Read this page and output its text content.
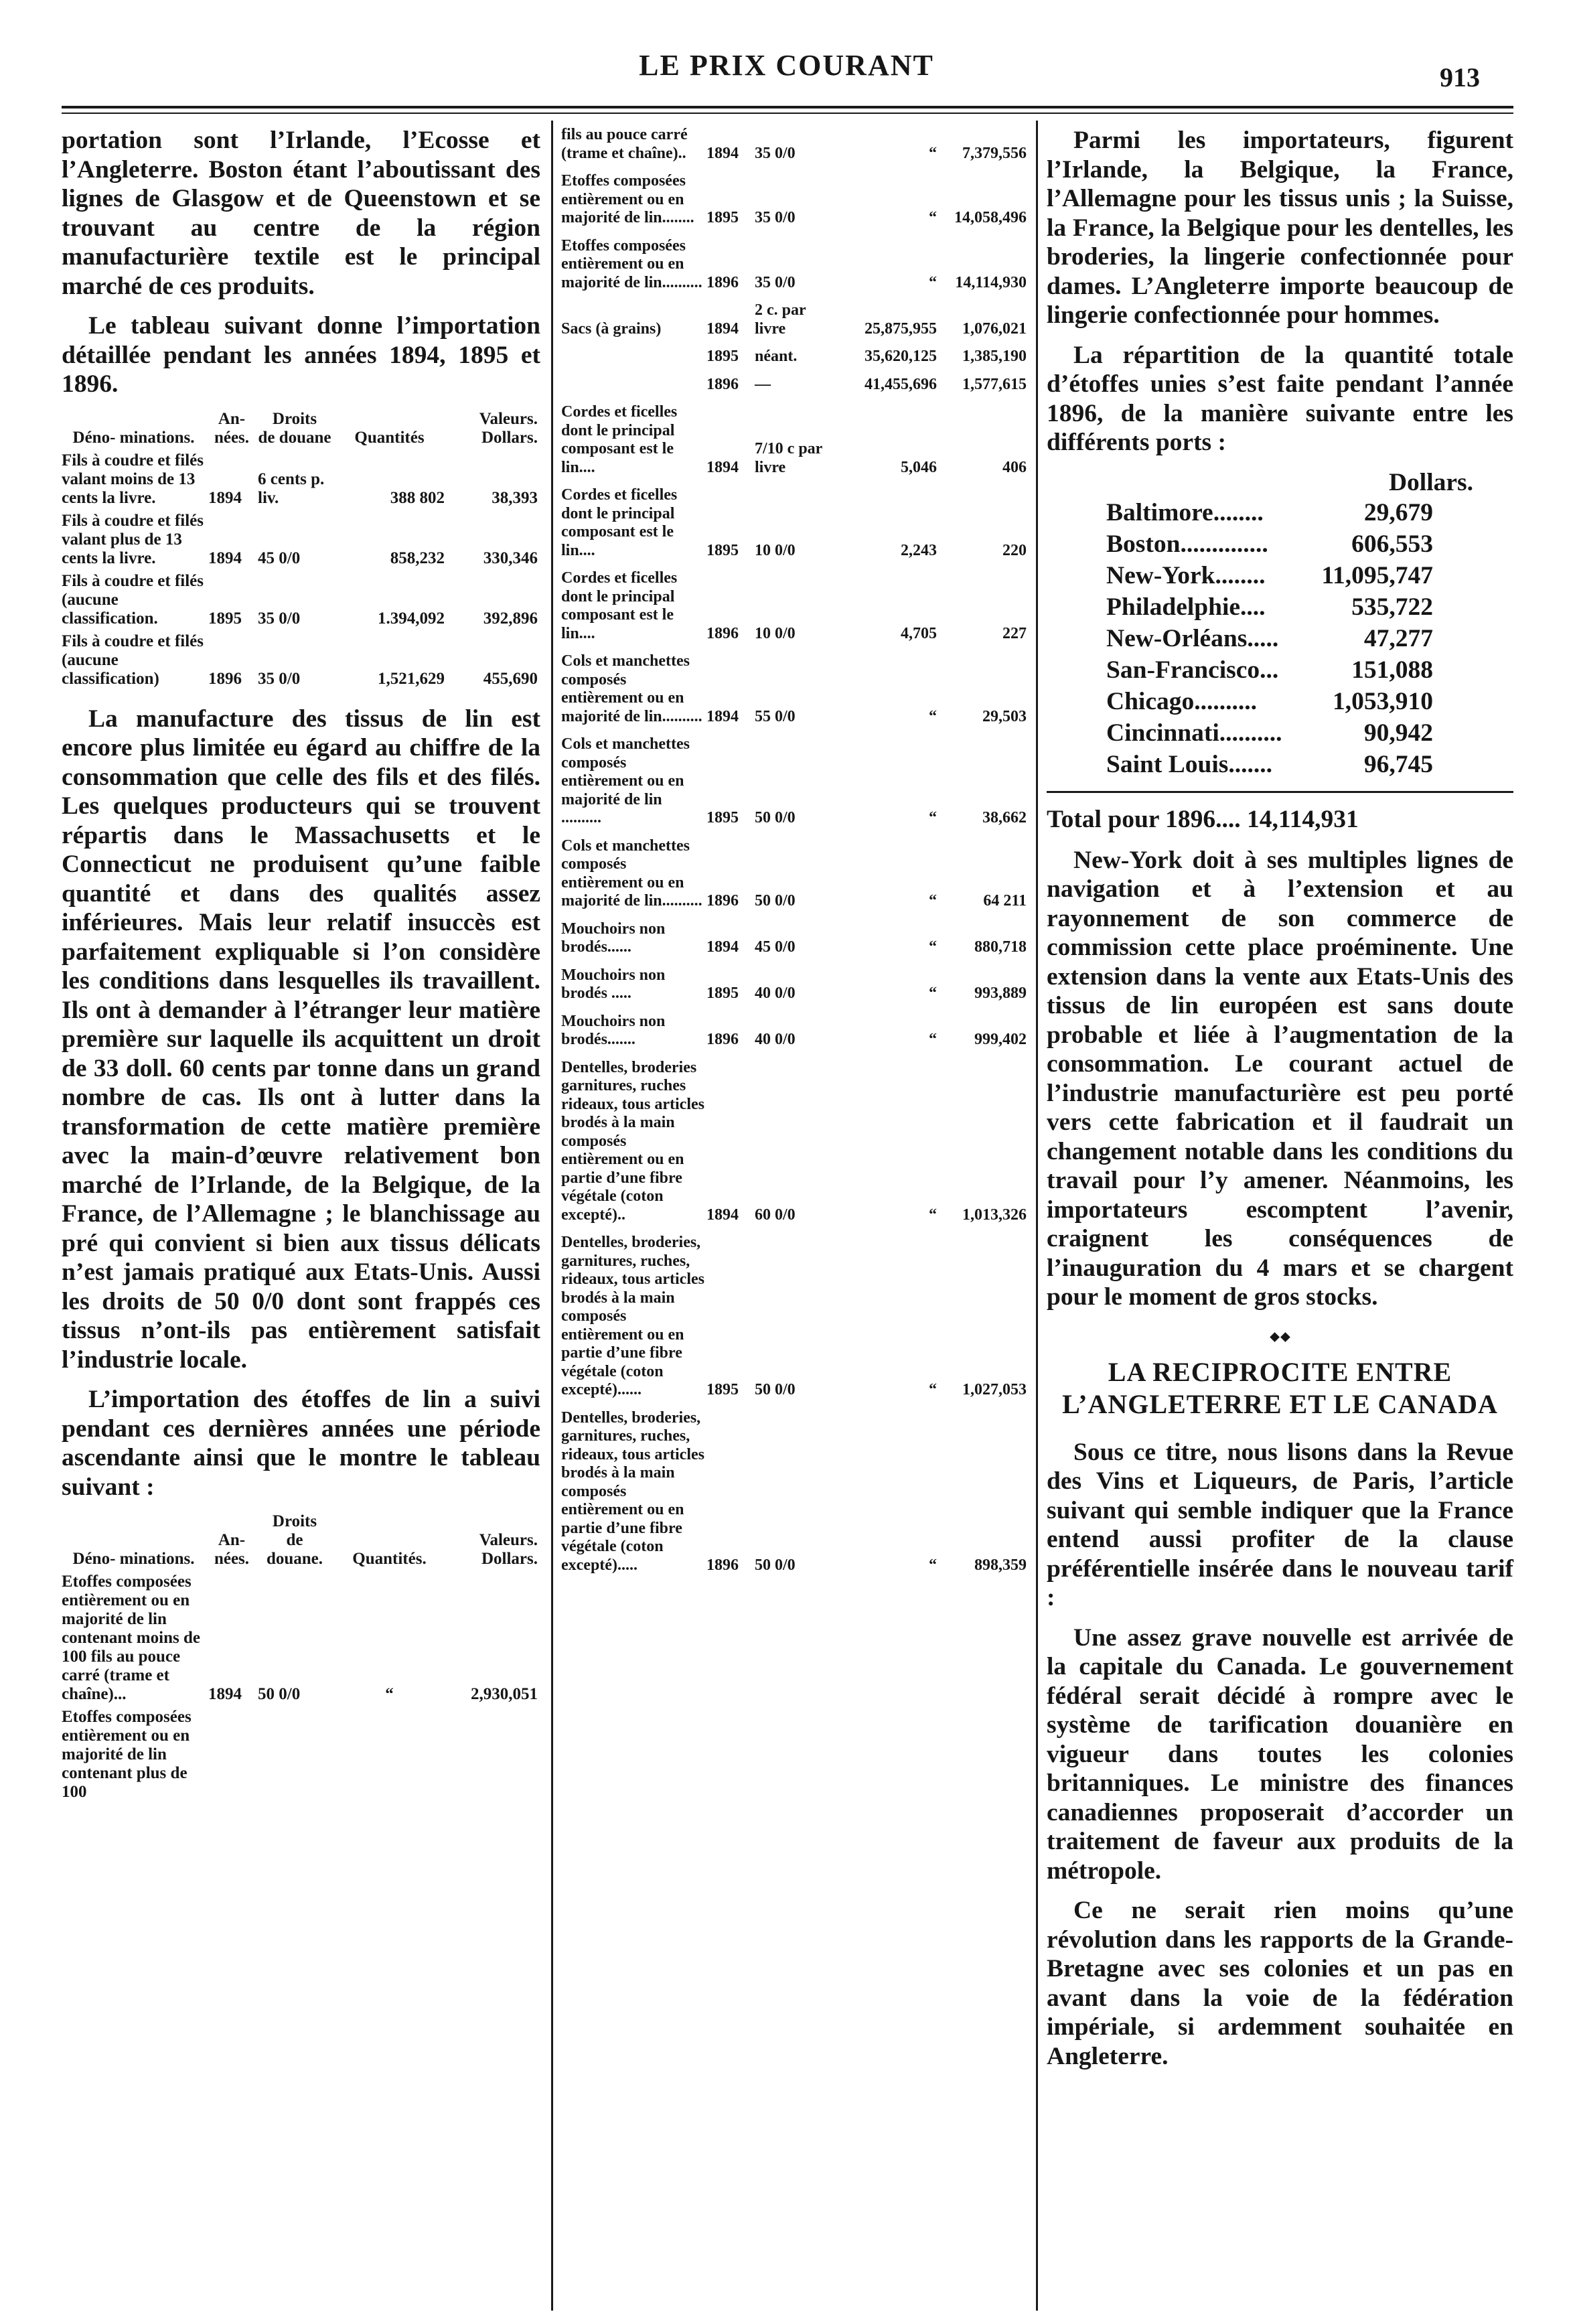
LE PRIX COURANT	913

portation sont l’Irlande, l’Ecosse et l’Angleterre. Boston étant l’aboutissant des lignes de Glasgow et de Queenstown et se trouvant au centre de la région manufacturière textile est le principal marché de ces produits.

Le tableau suivant donne l’importation détaillée pendant les années 1894, 1895 et 1896.

Déno- minations.	An- nées.	Droits
de douane	Quantités	Valeurs. Dollars.
Fils à coudre et filés valant moins de 13 cents la livre.	1894	6 cents p. liv.	388 802	38,393
Fils à coudre et filés valant plus de 13 cents la livre.	1894	45 0/0	858,232	330,346
Fils à coudre et filés (aucune classification.	1895	35 0/0	1.394,092	392,896
Fils à coudre et filés (aucune classification)	1896	35 0/0	1,521,629	455,690

La manufacture des tissus de lin est encore plus limitée eu égard au chiffre de la consommation que celle des fils et des filés. Les quelques producteurs qui se trouvent répartis dans le Massachusetts et le Connecticut ne produisent qu’une faible quantité et dans des qualités assez inférieures. Mais leur relatif insuccès est parfaitement expliquable si l’on considère les conditions dans lesquelles ils travaillent. Ils ont à demander à l’étranger leur matière première sur laquelle ils acquittent un droit de 33 doll. 60 cents par tonne dans un grand nombre de cas. Ils ont à lutter dans la transformation de cette matière première avec la main-d’œuvre relativement bon marché de l’Irlande, de la Belgique, de la France, de l’Allemagne ; le blanchissage au pré qui convient si bien aux tissus délicats n’est jamais pratiqué aux Etats-Unis. Aussi les droits de 50 0/0 dont sont frappés ces tissus n’ont-ils pas entièrement satisfait l’industrie locale.

L’importation des étoffes de lin a suivi pendant ces dernières années une période ascendante ainsi que le montre le tableau suivant :

Déno- minations.	An- nées.	Droits
de douane.	Quantités.	Valeurs. Dollars.
Etoffes composées entièrement ou en majorité de lin contenant moins de 100 fils au pouce carré (trame et chaîne)...	1894	50 0/0	“	2,930,051
Etoffes composées entièrement ou en majorité de lin contenant plus de 100				
fils au pouce carré (trame et chaîne)..	1894	35 0/0	“	7,379,556
Etoffes composées entièrement ou en majorité de lin........	1895	35 0/0	“	14,058,496
Etoffes composées entièrement ou en majorité de lin..........	1896	35 0/0	“	14,114,930
Sacs (à grains)	1894	2 c. par livre	25,875,955	1,076,021
	1895	néant.	35,620,125	1,385,190
	1896	—	41,455,696	1,577,615
Cordes et ficelles dont le principal composant est le lin....	1894	7/10 c par livre	5,046	406
Cordes et ficelles dont le principal composant est le lin....	1895	10 0/0	2,243	220
Cordes et ficelles dont le principal composant est le lin....	1896	10 0/0	4,705	227
Cols et manchettes composés entièrement ou en majorité de lin..........	1894	55 0/0	“	29,503
Cols et manchettes composés entièrement ou en majorité de lin ..........	1895	50 0/0	“	38,662
Cols et manchettes composés entièrement ou en majorité de lin..........	1896	50 0/0	“	64 211
Mouchoirs non brodés......	1894	45 0/0	“	880,718
Mouchoirs non brodés .....	1895	40 0/0	“	993,889
Mouchoirs non brodés.......	1896	40 0/0	“	999,402
Dentelles, broderies garnitures, ruches rideaux, tous articles brodés à la main composés entièrement ou en partie d’une fibre végétale (coton excepté)..	1894	60 0/0	“	1,013,326
Dentelles, broderies, garnitures, ruches, rideaux, tous articles brodés à la main composés entièrement ou en partie d’une fibre végétale (coton excepté)......	1895	50 0/0	“	1,027,053
Dentelles, broderies, garnitures, ruches, rideaux, tous articles brodés à la main composés entièrement ou en partie d’une fibre végétale (coton excepté).....	1896	50 0/0	“	898,359

Parmi les importateurs, figurent l’Irlande, la Belgique, la France, l’Allemagne pour les tissus unis ; la Suisse, la France, la Belgique pour les dentelles, les broderies, la lingerie confectionnée pour dames. L’Angleterre importe beaucoup de lingerie confectionnée pour hommes.

La répartition de la quantité totale d’étoffes unies s’est faite pendant l’année 1896, de la manière suivante entre les différents ports :

Dollars.
Baltimore........	29,679
Boston..............	606,553
New-York........	11,095,747
Philadelphie....	535,722
New-Orléans.....	47,277
San-Francisco...	151,088
Chicago..........	1,053,910
Cincinnati..........	90,942
Saint Louis.......	96,745
Total pour 1896.... 14,114,931

New-York doit à ses multiples lignes de navigation et à l’extension et au rayonnement de son commerce de commission cette place proéminente. Une extension dans la vente aux Etats-Unis des tissus de lin européen est sans doute probable et liée à l’augmentation de la consommation. Le courant actuel de l’industrie manufacturière est peu porté vers cette fabrication et il faudrait un changement notable dans les conditions du travail pour l’y amener. Néanmoins, les importateurs escomptent l’avenir, craignent les conséquences de l’inauguration du 4 mars et se chargent pour le moment de gros stocks.

⬩⬩
LA RECIPROCITE ENTRE L’ANGLETERRE ET LE CANADA

Sous ce titre, nous lisons dans la Revue des Vins et Liqueurs, de Paris, l’article suivant qui semble indiquer que la France entend aussi profiter de la clause préférentielle insérée dans le nouveau tarif :

Une assez grave nouvelle est arrivée de la capitale du Canada. Le gouvernement fédéral serait décidé à rompre avec le système de tarification douanière en vigueur dans toutes les colonies britanniques. Le ministre des finances canadiennes proposerait d’accorder un traitement de faveur aux produits de la métropole.

Ce ne serait rien moins qu’une révolution dans les rapports de la Grande-Bretagne avec ses colonies et un pas en avant dans la voie de la fédération impériale, si ardemment souhaitée en Angleterre.
